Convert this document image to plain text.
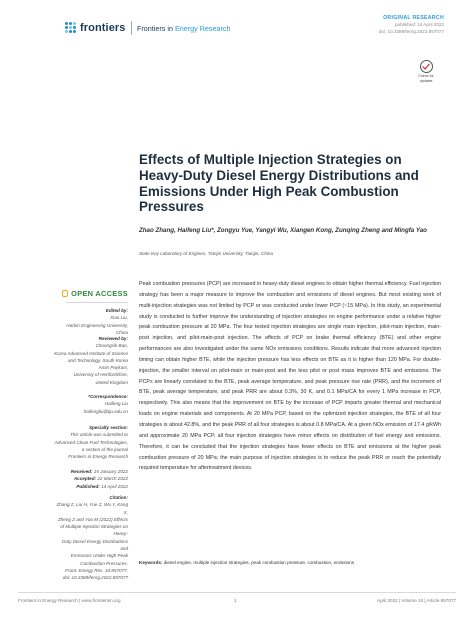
frontiers Frontiers in Energy Research
ORIGINAL RESEARCH
published: 14 April 2022
doi: 10.3389/fenrg.2022.857077
Check for
updates
Effects of Multiple Injection Strategies on Heavy-Duty Diesel Energy Distributions and Emissions Under High Peak Combustion Pressures
Zhao Zhang, Haifeng Liu*, Zongyu Yue, Yangyi Wu, Xiangen Kong, Zunqing Zheng and Mingfa Yao
State Key Laboratory of Engines, Tianjin University, Tianjin, China
Peak combustion pressures (PCP) are increased in heavy-duty diesel engines to obtain higher thermal efficiency. Fuel injection strategy has been a major measure to improve the combustion and emissions of diesel engines. But most existing work of multi-injection strategies was not limited by PCP or was conducted under lower PCP (~15 MPa). In this study, an experimental study is conducted to further improve the understanding of injection strategies on engine performance under a relative higher peak combustion pressure at 20 MPa. The four tested injection strategies are single main injection, pilot-main injection, main-post injection, and pilot-main-post injection. The effects of PCP on brake thermal efficiency (BTE) and other engine performances are also investigated under the same NOx emissions conditions. Results indicate that more advanced injection timing can obtain higher BTE, while the injection pressure has less effects on BTE as it is higher than 120 MPa. For double-injection, the smaller interval on pilot-main or main-post and the less pilot or post mass improves BTE and emissions. The PCPs are linearly correlated to the BTE, peak average temperature, and peak pressure rise rate (PRR), and the increment of BTE, peak average temperature, and peak PRR are about 0.3%, 30 K, and 0.1 MPa/CA for every 1 MPa increase in PCP, respectively. This also means that the improvement on BTE by the increase of PCP imparts greater thermal and mechanical loads on engine materials and components. At 20 MPa PCP, based on the optimized injection strategies, the BTE of all four strategies is about 42.8%, and the peak PRR of all four strategies is about 0.8 MPa/CA. At a given NOx emission of 17.4 g/kWh and approximate 20 MPa PCP, all four injection strategies have minor effects on distribution of fuel energy and emissions. Therefore, it can be concluded that the injection strategies have fewer effects on BTE and emissions at the higher peak combustion pressure of 20 MPa; the main purpose of injection strategies is to reduce the peak PRR or reach the potentially required temperature for aftertreatment devices.
Keywords: diesel engine, multiple injection strategies, peak combustion pressure, combustion, emissions
OPEN ACCESS
Edited by:
Xiao Liu,
Harbin Engineering University, China
Reviewed by:
Choongsik Bae,
Korea Advanced Institute of Science
and Technology, South Korea
Amin Paykani,
University of Hertfordshire,
United Kingdom
*Correspondence:
Haifeng Liu
haifengliu@tju.edu.cn
Specialty section:
This article was submitted to
Advanced Clean Fuel Technologies,
a section of the journal
Frontiers in Energy Research
Received: 15 January 2022
Accepted: 22 March 2022
Published: 14 April 2022
Citation:
Zhang Z, Liu H, Yue Z, Wu Y, Kong X,
Zheng Z and Yao M (2022) Effects
of Multiple Injection Strategies on Heavy-
Duty Diesel Energy Distributions and
Emissions Under High Peak
Combustion Pressures.
Front. Energy Res. 10:857077.
doi: 10.3389/fenrg.2022.857077
Frontiers in Energy Research | www.frontiersin.org	1	April 2022 | Volume 10 | Article 857077
